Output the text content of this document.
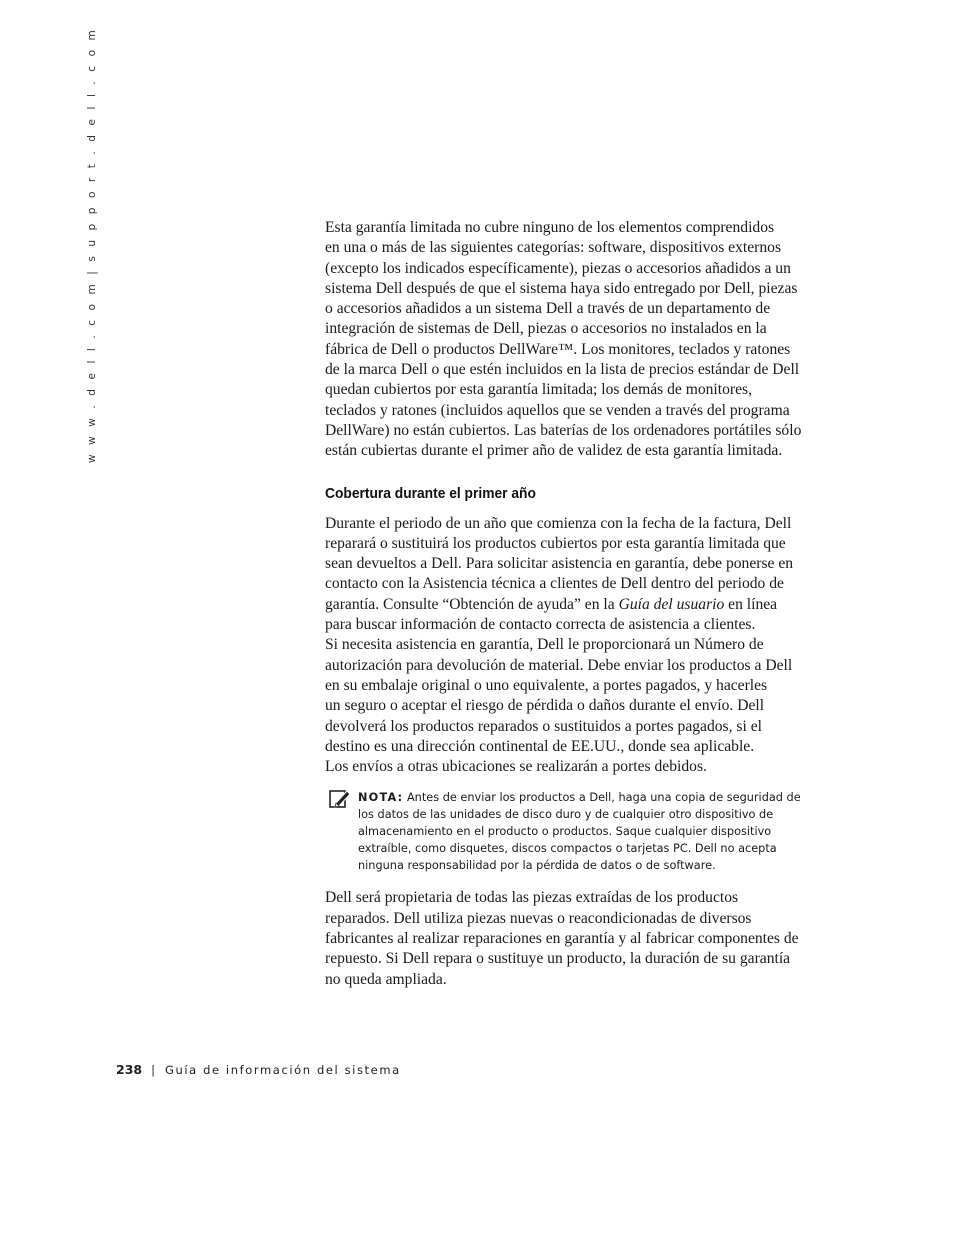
w w w . d e l l . c o m | s u p p o r t . d e l l . c o m	Esta garantía limitada no cubre ninguno de los elementos comprendidos
en una o más de las siguientes categorías: software, dispositivos externos
(excepto los indicados específicamente), piezas o accesorios añadidos a un
sistema Dell después de que el sistema haya sido entregado por Dell, piezas
o accesorios añadidos a un sistema Dell a través de un departamento de
integración de sistemas de Dell, piezas o accesorios no instalados en la
fábrica de Dell o productos DellWare™. Los monitores, teclados y ratones
de la marca Dell o que estén incluidos en la lista de precios estándar de Dell
quedan cubiertos por esta garantía limitada; los demás de monitores,
teclados y ratones (incluidos aquellos que se venden a través del programa
DellWare) no están cubiertos. Las baterías de los ordenadores portátiles sólo
están cubiertas durante el primer año de validez de esta garantía limitada.

Cobertura durante el primer año

Durante el periodo de un año que comienza con la fecha de la factura, Dell
reparará o sustituirá los productos cubiertos por esta garantía limitada que
sean devueltos a Dell. Para solicitar asistencia en garantía, debe ponerse en
contacto con la Asistencia técnica a clientes de Dell dentro del periodo de
garantía. Consulte “Obtención de ayuda” en la Guía del usuario en línea
para buscar información de contacto correcta de asistencia a clientes.
Si necesita asistencia en garantía, Dell le proporcionará un Número de
autorización para devolución de material. Debe enviar los productos a Dell
en su embalaje original o uno equivalente, a portes pagados, y hacerles
un seguro o aceptar el riesgo de pérdida o daños durante el envío. Dell
devolverá los productos reparados o sustituidos a portes pagados, si el
destino es una dirección continental de EE.UU., donde sea aplicable.
Los envíos a otras ubicaciones se realizarán a portes debidos.

NOTA: Antes de enviar los productos a Dell, haga una copia de seguridad de
los datos de las unidades de disco duro y de cualquier otro dispositivo de
almacenamiento en el producto o productos. Saque cualquier dispositivo
extraíble, como disquetes, discos compactos o tarjetas PC. Dell no acepta
ninguna responsabilidad por la pérdida de datos o de software.

Dell será propietaria de todas las piezas extraídas de los productos
reparados. Dell utiliza piezas nuevas o reacondicionadas de diversos
fabricantes al realizar reparaciones en garantía y al fabricar componentes de
repuesto. Si Dell repara o sustituye un producto, la duración de su garantía
no queda ampliada.

238 | Guía de información del sistema
